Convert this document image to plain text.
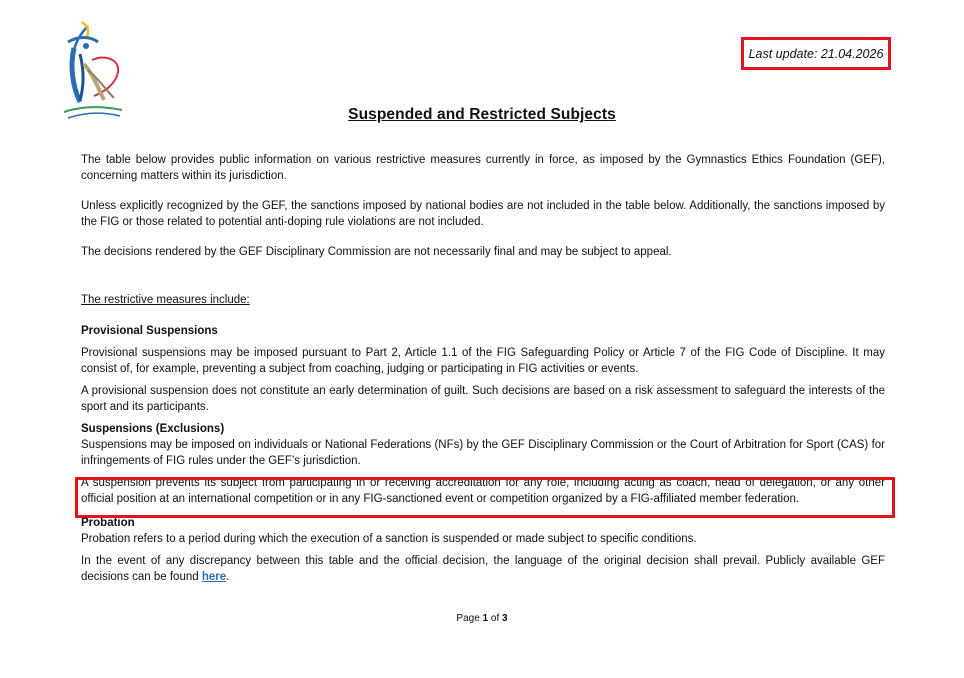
Last update: 21.04.2026
Suspended and Restricted Subjects

The table below provides public information on various restrictive measures currently in force, as imposed by the Gymnastics Ethics Foundation (GEF), concerning matters within its jurisdiction.

Unless explicitly recognized by the GEF, the sanctions imposed by national bodies are not included in the table below. Additionally, the sanctions imposed by the FIG or those related to potential anti-doping rule violations are not included.

The decisions rendered by the GEF Disciplinary Commission are not necessarily final and may be subject to appeal.

The restrictive measures include:

Provisional Suspensions

Provisional suspensions may be imposed pursuant to Part 2, Article 1.1 of the FIG Safeguarding Policy or Article 7 of the FIG Code of Discipline. It may consist of, for example, preventing a subject from coaching, judging or participating in FIG activities or events.

A provisional suspension does not constitute an early determination of guilt. Such decisions are based on a risk assessment to safeguard the interests of the sport and its participants.

Suspensions (Exclusions)

Suspensions may be imposed on individuals or National Federations (NFs) by the GEF Disciplinary Commission or the Court of Arbitration for Sport (CAS) for infringements of FIG rules under the GEF’s jurisdiction.

A suspension prevents its subject from participating in or receiving accreditation for any role, including acting as coach, head of delegation, or any other official position at an international competition or in any FIG-sanctioned event or competition organized by a FIG-affiliated member federation.

Probation

Probation refers to a period during which the execution of a sanction is suspended or made subject to specific conditions.

In the event of any discrepancy between this table and the official decision, the language of the original decision shall prevail. Publicly available GEF decisions can be found here.

Page 1 of 3
